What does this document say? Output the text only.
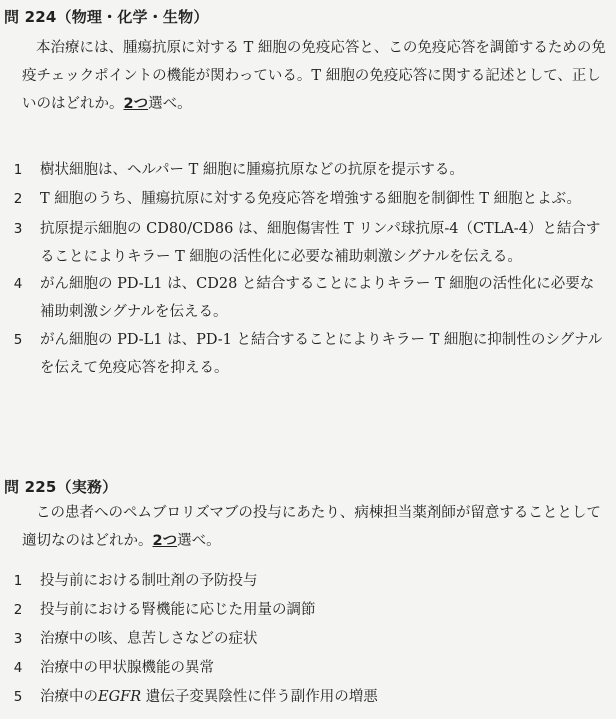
問 224（物理・化学・生物）
本治療には、腫瘍抗原に対する T 細胞の免疫応答と、この免疫応答を調節するための免疫チェックポイントの機能が関わっている。T 細胞の免疫応答に関する記述として、正しいのはどれか。2つ選べ。
1	樹状細胞は、ヘルパー T 細胞に腫瘍抗原などの抗原を提示する。
2	T 細胞のうち、腫瘍抗原に対する免疫応答を増強する細胞を制御性 T 細胞とよぶ。
3	抗原提示細胞の CD80/CD86 は、細胞傷害性 T リンパ球抗原-4（CTLA-4）と結合することによりキラー T 細胞の活性化に必要な補助刺激シグナルを伝える。
4	がん細胞の PD-L1 は、CD28 と結合することによりキラー T 細胞の活性化に必要な補助刺激シグナルを伝える。
5	がん細胞の PD-L1 は、PD-1 と結合することによりキラー T 細胞に抑制性のシグナルを伝えて免疫応答を抑える。
問 225（実務）
この患者へのペムブロリズマブの投与にあたり、病棟担当薬剤師が留意することとして適切なのはどれか。2つ選べ。
1	投与前における制吐剤の予防投与
2	投与前における腎機能に応じた用量の調節
3	治療中の咳、息苦しさなどの症状
4	治療中の甲状腺機能の異常
5	治療中のEGFR 遺伝子変異陰性に伴う副作用の増悪
